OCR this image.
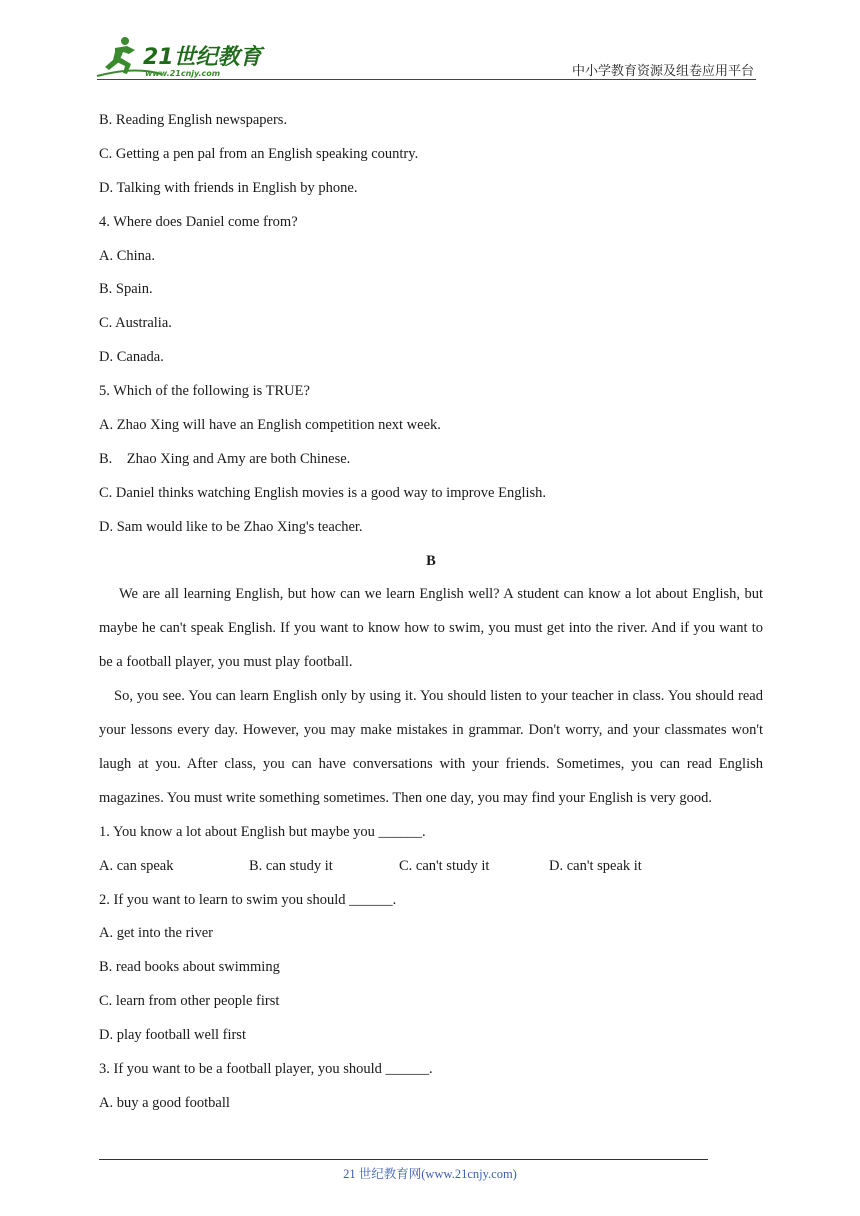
21世纪教育
www.21cnjy.com	中小学教育资源及组卷应用平台
B. Reading English newspapers.
C. Getting a pen pal from an English speaking country.
D. Talking with friends in English by phone.
4. Where does Daniel come from?
A. China.
B. Spain.
C. Australia.
D. Canada.
5. Which of the following is TRUE?
A. Zhao Xing will have an English competition next week.
B.    Zhao Xing and Amy are both Chinese.
C. Daniel thinks watching English movies is a good way to improve English.
D. Sam would like to be Zhao Xing's teacher.
B
We are all learning English, but how can we learn English well? A student can know a lot about English, but maybe he can't speak English. If you want to know how to swim, you must get into the river. And if you want to be a football player, you must play football.
So, you see. You can learn English only by using it. You should listen to your teacher in class. You should read your lessons every day. However, you may make mistakes in grammar. Don't worry, and your classmates won't laugh at you. After class, you can have conversations with your friends. Sometimes, you can read English magazines. You must write something sometimes. Then one day, you may find your English is very good.
1. You know a lot about English but maybe you ______.
A. can speak	B. can study it	C. can't study it	D. can't speak it
2. If you want to learn to swim you should ______.
A. get into the river
B. read books about swimming
C. learn from other people first
D. play football well first
3. If you want to be a football player, you should ______.
A. buy a good football
21 世纪教育网(www.21cnjy.com)
